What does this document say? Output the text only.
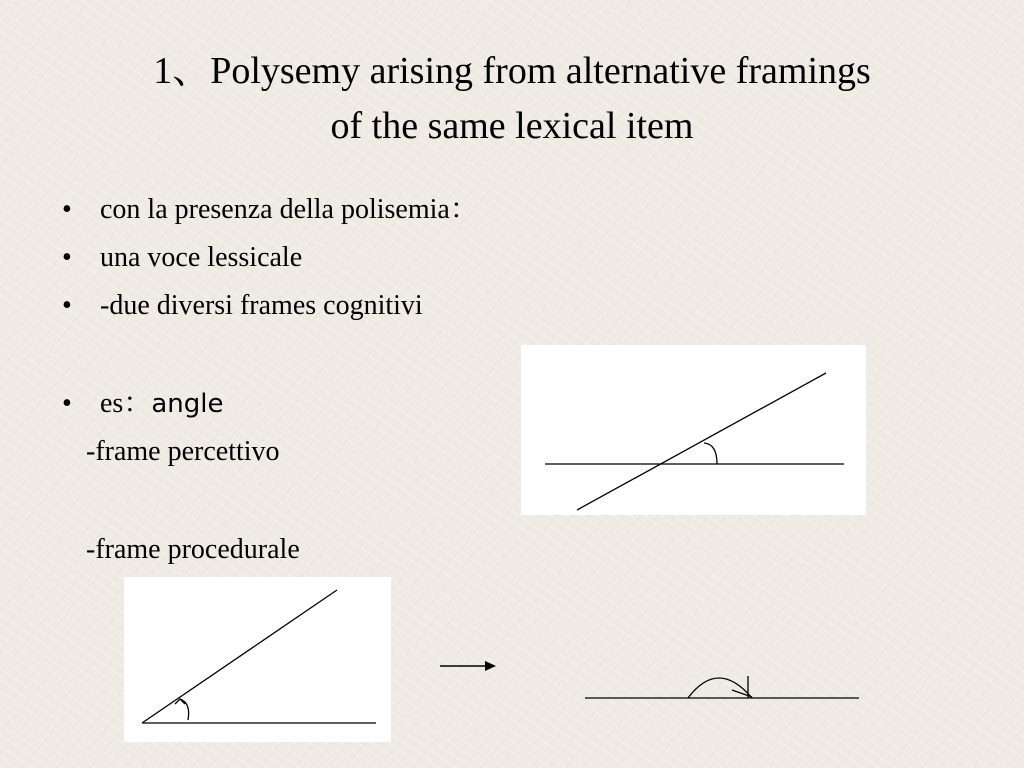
1、Polysemy arising from alternative framings
of the same lexical item
• con la presenza della polisemia：
• una voce lessicale
• -due diversi frames cognitivi
• es：angle

-frame percettivo

-frame procedurale
